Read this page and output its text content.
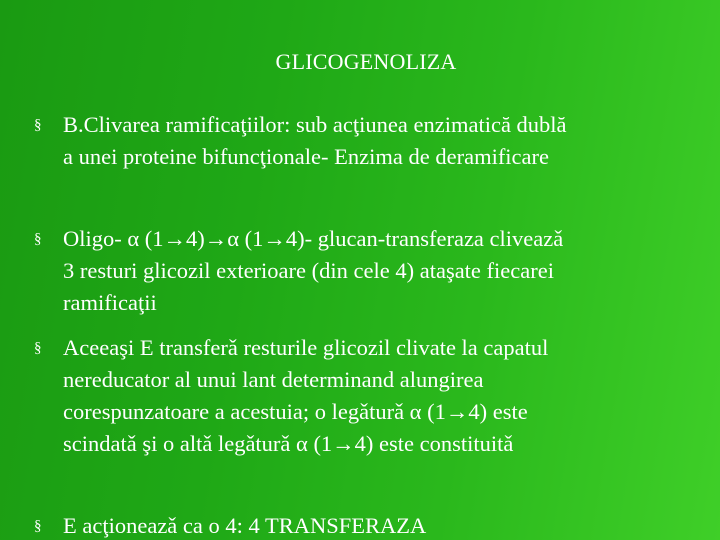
GLICOGENOLIZA
§ B.Clivarea ramificaţiilor: sub acţiunea enzimatică dublă
a unei proteine bifuncţionale- Enzima de deramificare
§ Oligo- α (1→4)→α (1→4)- glucan-transferaza cliveazǎ
3 resturi glicozil exterioare (din cele 4) ataşate fiecarei
ramificaţii
§ Aceeaşi E transferǎ resturile glicozil clivate la capatul
nereducator al unui lant determinand alungirea
corespunzatoare a acestuia; o legǎturǎ α (1→4) este
scindatǎ şi o altǎ legǎturǎ α (1→4) este constituitǎ
§ E acţioneazǎ ca o 4: 4 TRANSFERAZA
